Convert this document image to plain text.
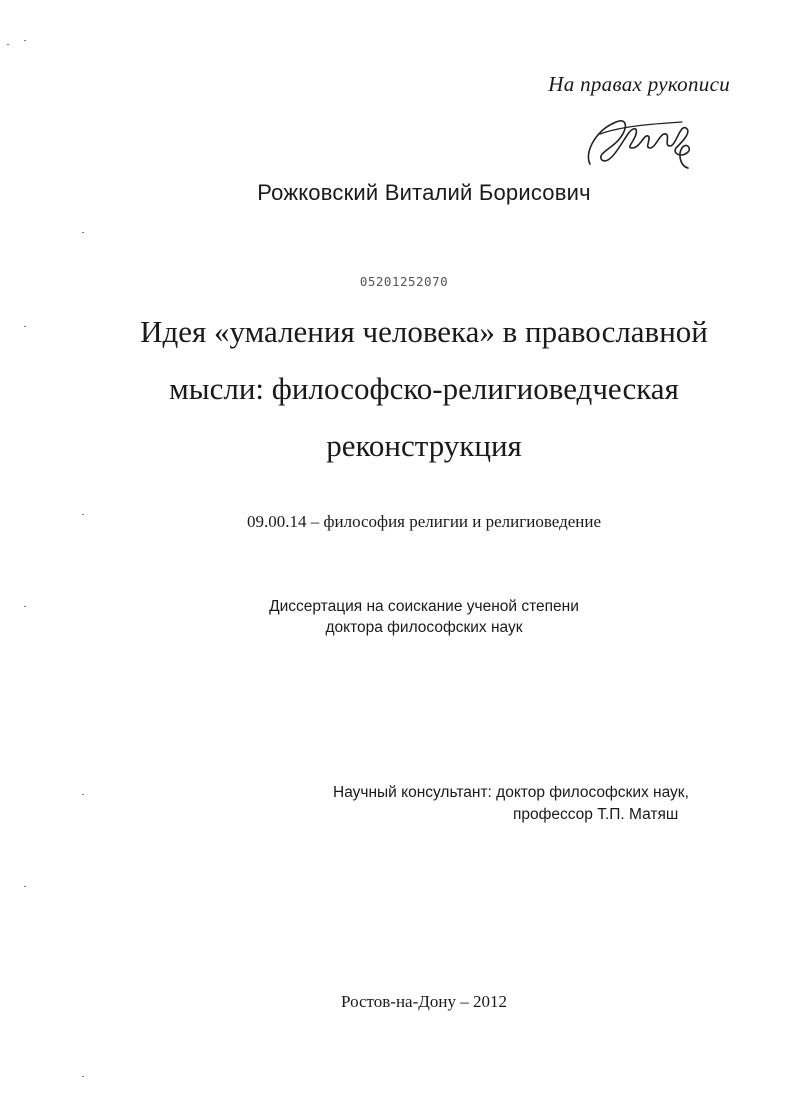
На правах рукописи
Рожковский Виталий Борисович
05201252070
Идея «умаления человека» в православной
мысли: философско-религиоведческая
реконструкция
09.00.14 – философия религии и религиоведение
Диссертация на соискание ученой степени
доктора философских наук
Научный консультант: доктор философских наук,
профессор Т.П. Матяш
Ростов-на-Дону – 2012
